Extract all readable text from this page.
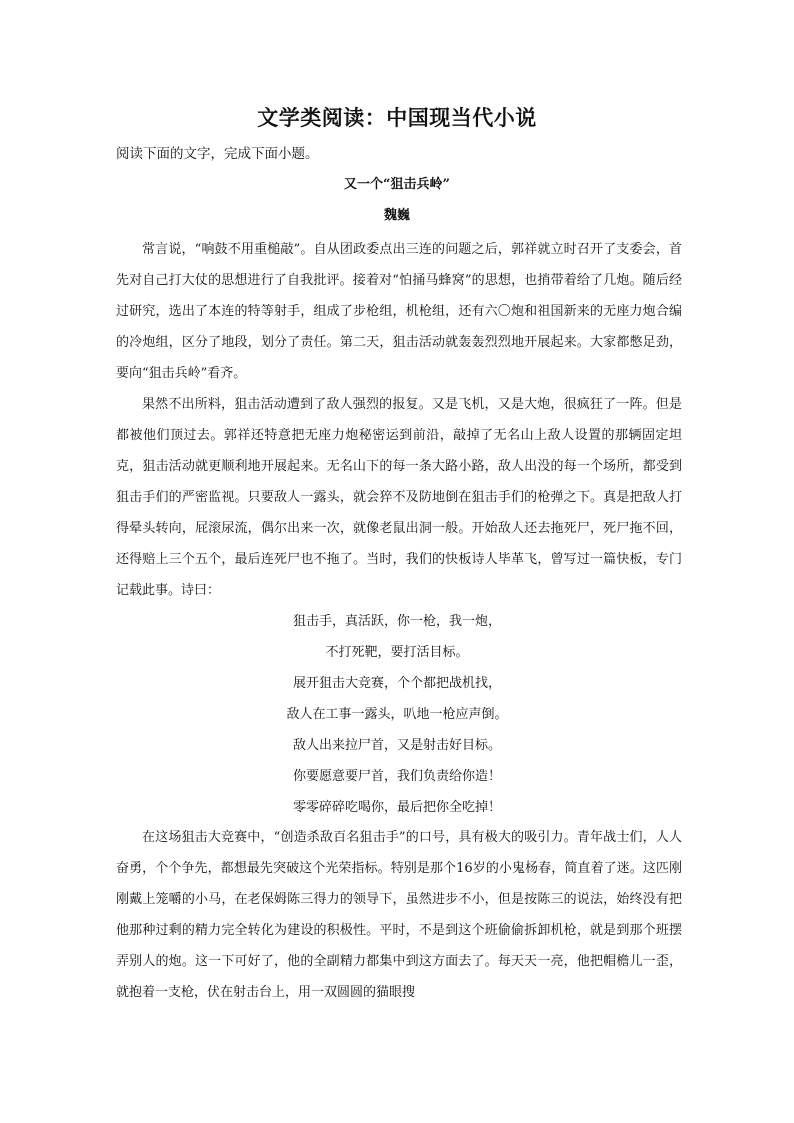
文学类阅读：中国现当代小说
阅读下面的文字，完成下面小题。
又一个“狙击兵岭”
魏巍

常言说，“响鼓不用重槌敲”。自从团政委点出三连的问题之后，郭祥就立时召开了支委会，首先对自己打大仗的思想进行了自我批评。接着对“怕捅马蜂窝”的思想，也捎带着给了几炮。随后经过研究，选出了本连的特等射手，组成了步枪组，机枪组，还有六〇炮和祖国新来的无座力炮合编的冷炮组，区分了地段，划分了责任。第二天，狙击活动就轰轰烈烈地开展起来。大家都憋足劲，要向“狙击兵岭”看齐。

果然不出所料，狙击活动遭到了敌人强烈的报复。又是飞机，又是大炮，很疯狂了一阵。但是都被他们顶过去。郭祥还特意把无座力炮秘密运到前沿，敲掉了无名山上敌人设置的那辆固定坦克，狙击活动就更顺利地开展起来。无名山下的每一条大路小路，敌人出没的每一个场所，都受到狙击手们的严密监视。只要敌人一露头，就会猝不及防地倒在狙击手们的枪弹之下。真是把敌人打得晕头转向，屁滚尿流，偶尔出来一次，就像老鼠出洞一般。开始敌人还去拖死尸，死尸拖不回，还得赔上三个五个，最后连死尸也不拖了。当时，我们的快板诗人毕革飞，曾写过一篇快板，专门记载此事。诗曰：

狙击手，真活跃，你一枪，我一炮，
不打死靶，要打活目标。
展开狙击大竞赛，个个都把战机找，
敌人在工事一露头，叭地一枪应声倒。
敌人出来拉尸首，又是射击好目标。
你要愿意要尸首，我们负责给你造！
零零碎碎吃喝你，最后把你全吃掉！

在这场狙击大竞赛中，“创造杀敌百名狙击手”的口号，具有极大的吸引力。青年战士们，人人奋勇，个个争先，都想最先突破这个光荣指标。特别是那个16岁的小鬼杨春，简直着了迷。这匹刚刚戴上笼嚼的小马，在老保姆陈三得力的领导下，虽然进步不小，但是按陈三的说法，始终没有把他那种过剩的精力完全转化为建设的积极性。平时，不是到这个班偷偷拆卸机枪，就是到那个班摆弄别人的炮。这一下可好了，他的全副精力都集中到这方面去了。每天天一亮，他把帽檐儿一歪，就抱着一支枪，伏在射击台上，用一双圆圆的猫眼搜
